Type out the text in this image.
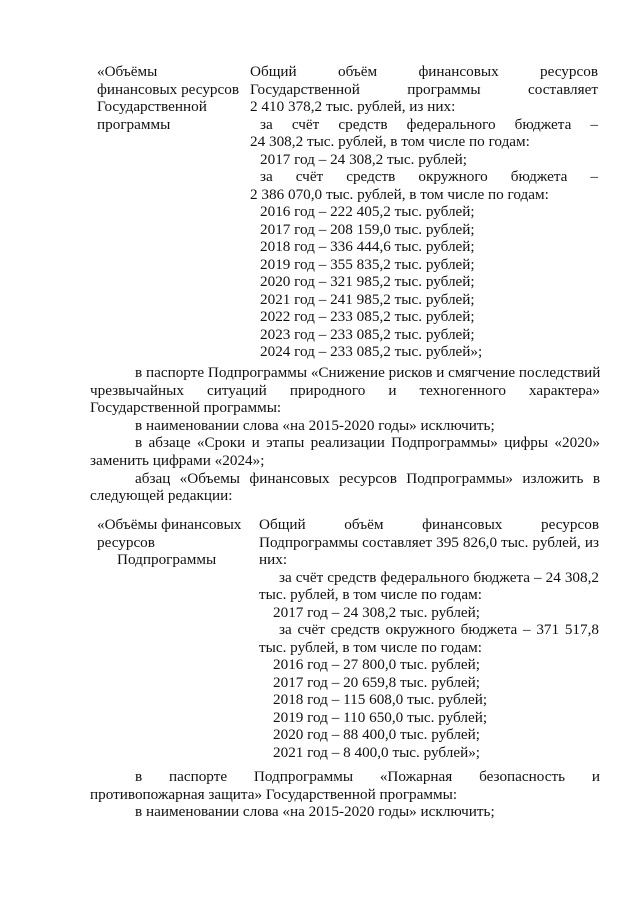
«Объёмы
финансовых ресурсов
Государственной
программы
Общий объём финансовых ресурсов
Государственной программы составляет
2 410 378,2 тыс. рублей, из них:
за счёт средств федерального бюджета –
24 308,2 тыс. рублей, в том числе по годам:
2017 год – 24 308,2 тыс. рублей;
за счёт средств окружного бюджета –
2 386 070,0 тыс. рублей, в том числе по годам:
2016 год – 222 405,2 тыс. рублей;
2017 год – 208 159,0 тыс. рублей;
2018 год – 336 444,6 тыс. рублей;
2019 год – 355 835,2 тыс. рублей;
2020 год – 321 985,2 тыс. рублей;
2021 год – 241 985,2 тыс. рублей;
2022 год – 233 085,2 тыс. рублей;
2023 год – 233 085,2 тыс. рублей;
2024 год – 233 085,2 тыс. рублей»;
в паспорте Подпрограммы «Снижение рисков и смягчение последствий
чрезвычайных ситуаций природного и техногенного характера»
Государственной программы:
в наименовании слова «на 2015-2020 годы» исключить;
в абзаце «Сроки и этапы реализации Подпрограммы» цифры «2020»
заменить цифрами «2024»;
абзац «Объемы финансовых ресурсов Подпрограммы» изложить в
следующей редакции:
«Объёмы финансовых
ресурсов
Подпрограммы
Общий объём финансовых ресурсов
Подпрограммы составляет 395 826,0 тыс. рублей, из
них:
за счёт средств федерального бюджета – 24 308,2
тыс. рублей, в том числе по годам:
2017 год – 24 308,2 тыс. рублей;
за счёт средств окружного бюджета – 371 517,8
тыс. рублей, в том числе по годам:
2016 год – 27 800,0 тыс. рублей;
2017 год – 20 659,8 тыс. рублей;
2018 год – 115 608,0 тыс. рублей;
2019 год – 110 650,0 тыс. рублей;
2020 год – 88 400,0 тыс. рублей;
2021 год – 8 400,0 тыс. рублей»;
в паспорте Подпрограммы «Пожарная безопасность и
противопожарная защита» Государственной программы:
в наименовании слова «на 2015-2020 годы» исключить;
